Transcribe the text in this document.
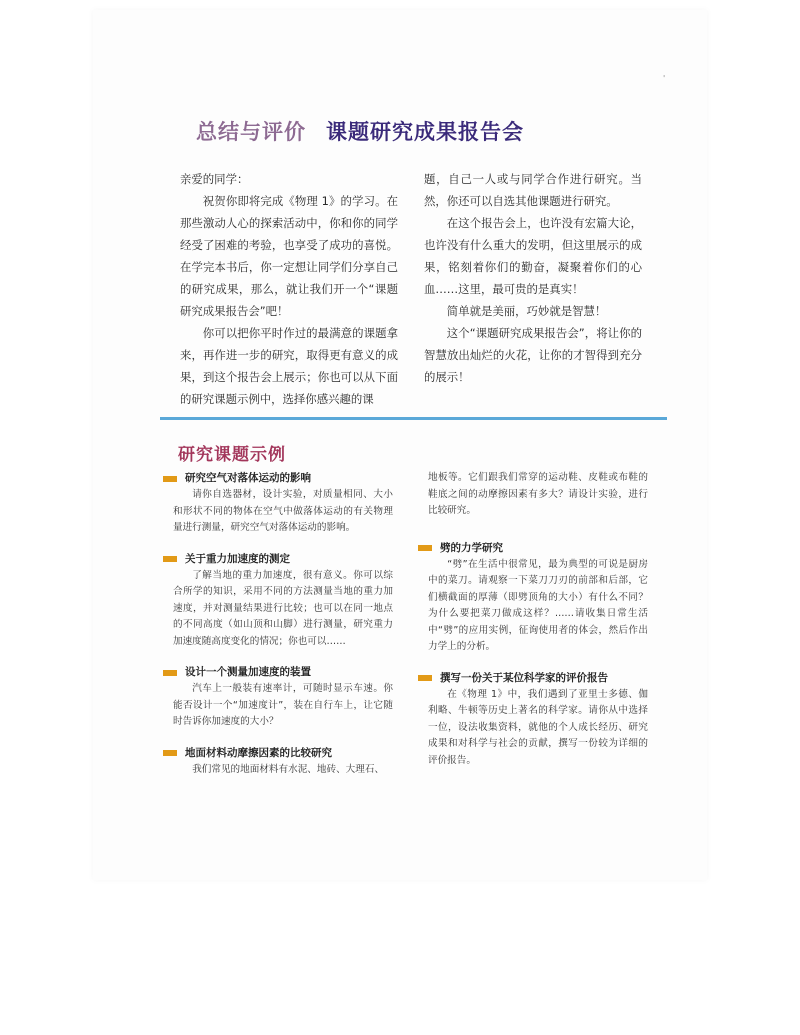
'
总结与评价 课题研究成果报告会

亲爱的同学：

祝贺你即将完成《物理 1》的学习。在那些激动人心的探索活动中，你和你的同学经受了困难的考验，也享受了成功的喜悦。在学完本书后，你一定想让同学们分享自己的研究成果，那么，就让我们开一个“课题研究成果报告会”吧！

你可以把你平时作过的最满意的课题拿来，再作进一步的研究，取得更有意义的成果，到这个报告会上展示；你也可以从下面的研究课题示例中，选择你感兴趣的课

题，自己一人或与同学合作进行研究。当然，你还可以自选其他课题进行研究。

在这个报告会上，也许没有宏篇大论，也许没有什么重大的发明，但这里展示的成果，铭刻着你们的勤奋，凝聚着你们的心血……这里，最可贵的是真实！

简单就是美丽，巧妙就是智慧！

这个“课题研究成果报告会”，将让你的智慧放出灿烂的火花，让你的才智得到充分的展示！

研究课题示例
研究空气对落体运动的影响

请你自选器材，设计实验，对质量相同、大小和形状不同的物体在空气中做落体运动的有关物理量进行测量，研究空气对落体运动的影响。

关于重力加速度的测定

了解当地的重力加速度，很有意义。你可以综合所学的知识，采用不同的方法测量当地的重力加速度，并对测量结果进行比较；也可以在同一地点的不同高度（如山顶和山脚）进行测量，研究重力加速度随高度变化的情况；你也可以……

设计一个测量加速度的装置

汽车上一般装有速率计，可随时显示车速。你能否设计一个“加速度计”，装在自行车上，让它随时告诉你加速度的大小？

地面材料动摩擦因素的比较研究

我们常见的地面材料有水泥、地砖、大理石、

地板等。它们跟我们常穿的运动鞋、皮鞋或布鞋的鞋底之间的动摩擦因素有多大？请设计实验，进行比较研究。

劈的力学研究

“劈”在生活中很常见，最为典型的可说是厨房中的菜刀。请观察一下菜刀刀刃的前部和后部，它们横截面的厚薄（即劈顶角的大小）有什么不同？为什么要把菜刀做成这样？……请收集日常生活中“劈”的应用实例，征询使用者的体会，然后作出力学上的分析。

撰写一份关于某位科学家的评价报告

在《物理 1》中，我们遇到了亚里士多德、伽利略、牛顿等历史上著名的科学家。请你从中选择一位，设法收集资料，就他的个人成长经历、研究成果和对科学与社会的贡献，撰写一份较为详细的评价报告。
